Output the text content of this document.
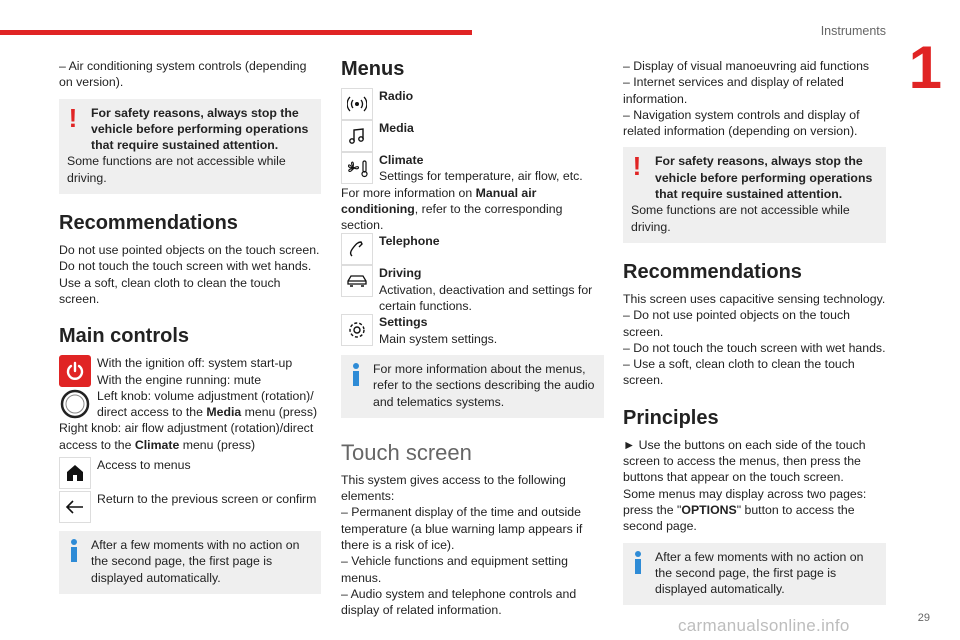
Instruments
1
29
carmanualsonline.info

– Air conditioning system controls (depending on version).

! For safety reasons, always stop the vehicle before performing operations that require sustained attention.

Some functions are not accessible while driving.

Recommendations

Do not use pointed objects on the touch screen.

Do not touch the touch screen with wet hands.

Use a soft, clean cloth to clean the touch screen.

Main controls

With the ignition off: system start-up

With the engine running: mute

Left knob: volume adjustment (rotation)/ direct access to the Media menu (press)

Right knob: air flow adjustment (rotation)/direct access to the Climate menu (press)

Access to menus

Return to the previous screen or confirm

After a few moments with no action on the second page, the first page is displayed automatically.
Menus
Radio
Media
Climate

Settings for temperature, air flow, etc.

For more information on Manual air conditioning, refer to the corresponding section.

Telephone
Driving

Activation, deactivation and settings for certain functions.

Settings

Main system settings.

For more information about the menus, refer to the sections describing the audio and telematics systems.
Touch screen

This system gives access to the following elements:

– Permanent display of the time and outside temperature (a blue warning lamp appears if there is a risk of ice).

– Vehicle functions and equipment setting menus.

– Audio system and telephone controls and display of related information.

– Display of visual manoeuvring aid functions

– Internet services and display of related information.

– Navigation system controls and display of related information (depending on version).

! For safety reasons, always stop the vehicle before performing operations that require sustained attention.

Some functions are not accessible while driving.

Recommendations

This screen uses capacitive sensing technology.

– Do not use pointed objects on the touch screen.

– Do not touch the touch screen with wet hands.

– Use a soft, clean cloth to clean the touch screen.

Principles

► Use the buttons on each side of the touch screen to access the menus, then press the buttons that appear on the touch screen.

Some menus may display across two pages: press the "OPTIONS" button to access the second page.

After a few moments with no action on the second page, the first page is displayed automatically.
